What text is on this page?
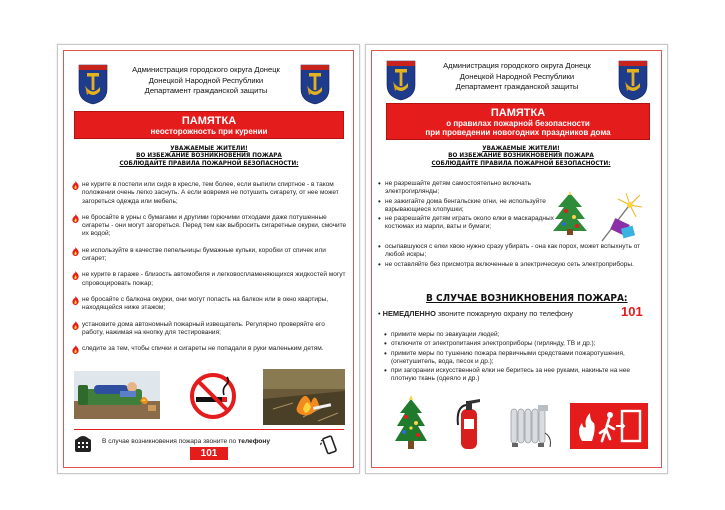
Администрация городского округа Донецк
Донецкой Народной Республики
Департамент гражданской защиты
ПАМЯТКА
неосторожность при курении
УВАЖАЕМЫЕ ЖИТЕЛИ!
ВО ИЗБЕЖАНИЕ ВОЗНИКНОВЕНИЯ ПОЖАРА
СОБЛЮДАЙТЕ ПРАВИЛА ПОЖАРНОЙ БЕЗОПАСНОСТИ:
не курите в постели или сидя в кресле, тем более, если выпили спиртное - в таком положении очень легко заснуть. А если вовремя не потушить сигарету, от нее может загореться одежда или мебель;
не бросайте в урны с бумагами и другими горючими отходами даже потушенные сигареты - они могут загореться. Перед тем как выбросить сигаретные окурки, смочите их водой;
не используйте в качестве пепельницы бумажные кульки, коробки от спичек или сигарет;
не курите в гараже - близость автомобиля и легковоспламеняющихся жидкостей могут спровоцировать пожар;
не бросайте с балкона окурки, они могут попасть на балкон или в окно квартиры, находящейся ниже этажом;
установите дома автономный пожарный извещатель. Регулярно проверяйте его работу, нажимая на кнопку для тестирования;
следите за тем, чтобы спички и сигареты не попадали в руки маленьким детям.
В случае возникновения пожара звоните по телефону
101
Администрация городского округа Донецк
Донецкой Народной Республики
Департамент гражданской защиты
ПАМЯТКА
о правилах пожарной безопасности
при проведении новогодних праздников дома
УВАЖАЕМЫЕ ЖИТЕЛИ!
ВО ИЗБЕЖАНИЕ ВОЗНИКНОВЕНИЯ ПОЖАРА
СОБЛЮДАЙТЕ ПРАВИЛА ПОЖАРНОЙ БЕЗОПАСНОСТИ:
• не разрешайте детям самостоятельно включать электрогирлянды;
• не зажигайте дома бенгальские огни, не используйте взрывающиеся хлопушки;
• не разрешайте детям играть около елки в маскарадных костюмах из марли, ваты и бумаги;
• осыпавшуюся с елки хвою нужно сразу убирать - она как порох, может вспыхнуть от любой искры;
• не оставляйте без присмотра включенные в электрическую сеть электроприборы.
В СЛУЧАЕ ВОЗНИКНОВЕНИЯ ПОЖАРА:
• НЕМЕДЛЕННО звоните пожарную охрану по телефону	101
• примите меры по эвакуации людей;
• отключите от электропитания электроприборы (гирлянду, ТВ и др.);
• примите меры по тушению пожара первичными средствами пожаротушения, (огнетушитель, вода, песок и др.);
• при загорании искусственной елки не беритесь за нее руками, накиньте на нее плотную ткань (одеяло и др.)
